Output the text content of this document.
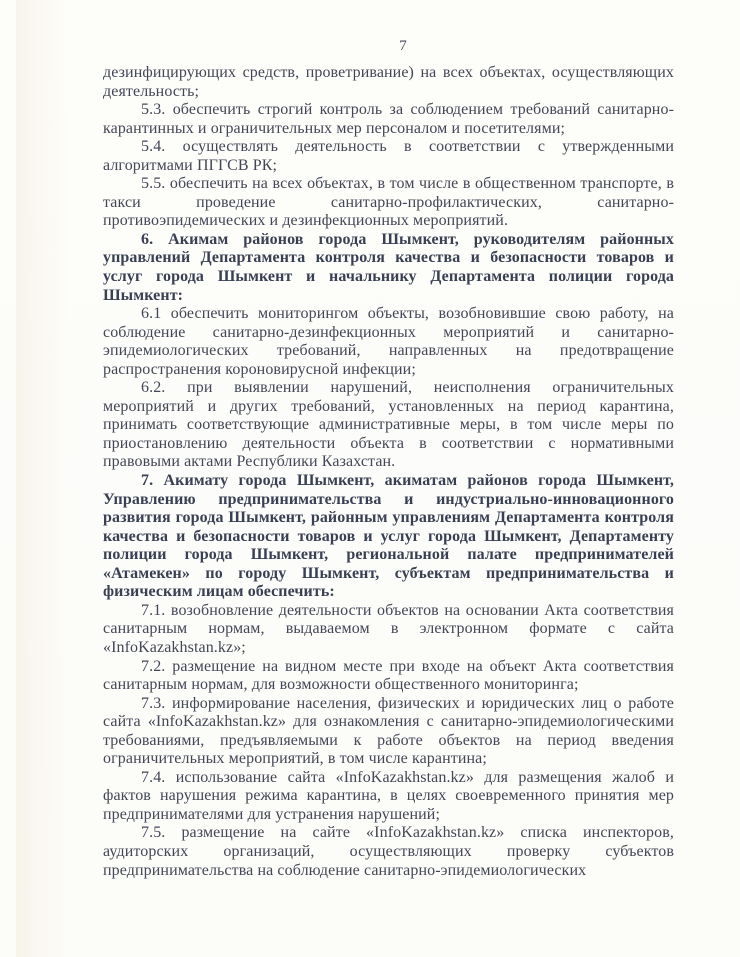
7

дезинфицирующих средств, проветривание) на всех объектах, осуществляющих деятельность;

5.3. обеспечить строгий контроль за соблюдением требований санитарно-карантинных и ограничительных мер персоналом и посетителями;

5.4. осуществлять деятельность в соответствии с утвержденными алгоритмами ПГГСВ РК;

5.5. обеспечить на всех объектах, в том числе в общественном транспорте, в такси проведение санитарно-профилактических, санитарно-противоэпидемических и дезинфекционных мероприятий.

6. Акимам районов города Шымкент, руководителям районных управлений Департамента контроля качества и безопасности товаров и услуг города Шымкент и начальнику Департамента полиции города Шымкент:

6.1 обеспечить мониторингом объекты, возобновившие свою работу, на соблюдение санитарно-дезинфекционных мероприятий и санитарно-эпидемиологических требований, направленных на предотвращение распространения короновирусной инфекции;

6.2. при выявлении нарушений, неисполнения ограничительных мероприятий и других требований, установленных на период карантина, принимать соответствующие административные меры, в том числе меры по приостановлению деятельности объекта в соответствии с нормативными правовыми актами Республики Казахстан.

7. Акимату города Шымкент, акиматам районов города Шымкент, Управлению предпринимательства и индустриально-инновационного развития города Шымкент, районным управлениям Департамента контроля качества и безопасности товаров и услуг города Шымкент, Департаменту полиции города Шымкент, региональной палате предпринимателей «Атамекен» по городу Шымкент, субъектам предпринимательства и физическим лицам обеспечить:

7.1. возобновление деятельности объектов на основании Акта соответствия санитарным нормам, выдаваемом в электронном формате с сайта «InfoKazakhstan.kz»;

7.2. размещение на видном месте при входе на объект Акта соответствия санитарным нормам, для возможности общественного мониторинга;

7.3. информирование населения, физических и юридических лиц о работе сайта «InfoKazakhstan.kz» для ознакомления с санитарно-эпидемиологическими требованиями, предъявляемыми к работе объектов на период введения ограничительных мероприятий, в том числе карантина;

7.4. использование сайта «InfoKazakhstan.kz» для размещения жалоб и фактов нарушения режима карантина, в целях своевременного принятия мер предпринимателями для устранения нарушений;

7.5. размещение на сайте «InfoKazakhstan.kz» списка инспекторов, аудиторских организаций, осуществляющих проверку субъектов предпринимательства на соблюдение санитарно-эпидемиологических
